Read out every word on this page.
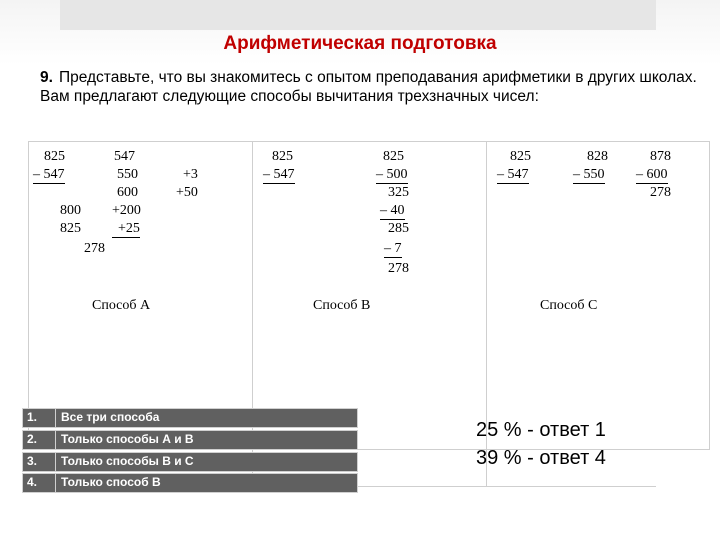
Арифметическая подготовка
9. Представьте, что вы знакомитесь с опытом преподавания арифметики в других школах. Вам предлагают следующие способы вычитания трехзначных чисел:
825
– 547
547
550
600
+3
+50
800 +200
825	+25
278
Способ А
825
– 547
825
– 500
325
– 40
285
– 7
278
Способ В
825
– 547
828
– 550
878
– 600
278
Способ С
1. Все три способа
2. Только способы А и В
3. Только способы В и С
4. Только способ В
25 % - ответ 1
39 % - ответ 4
